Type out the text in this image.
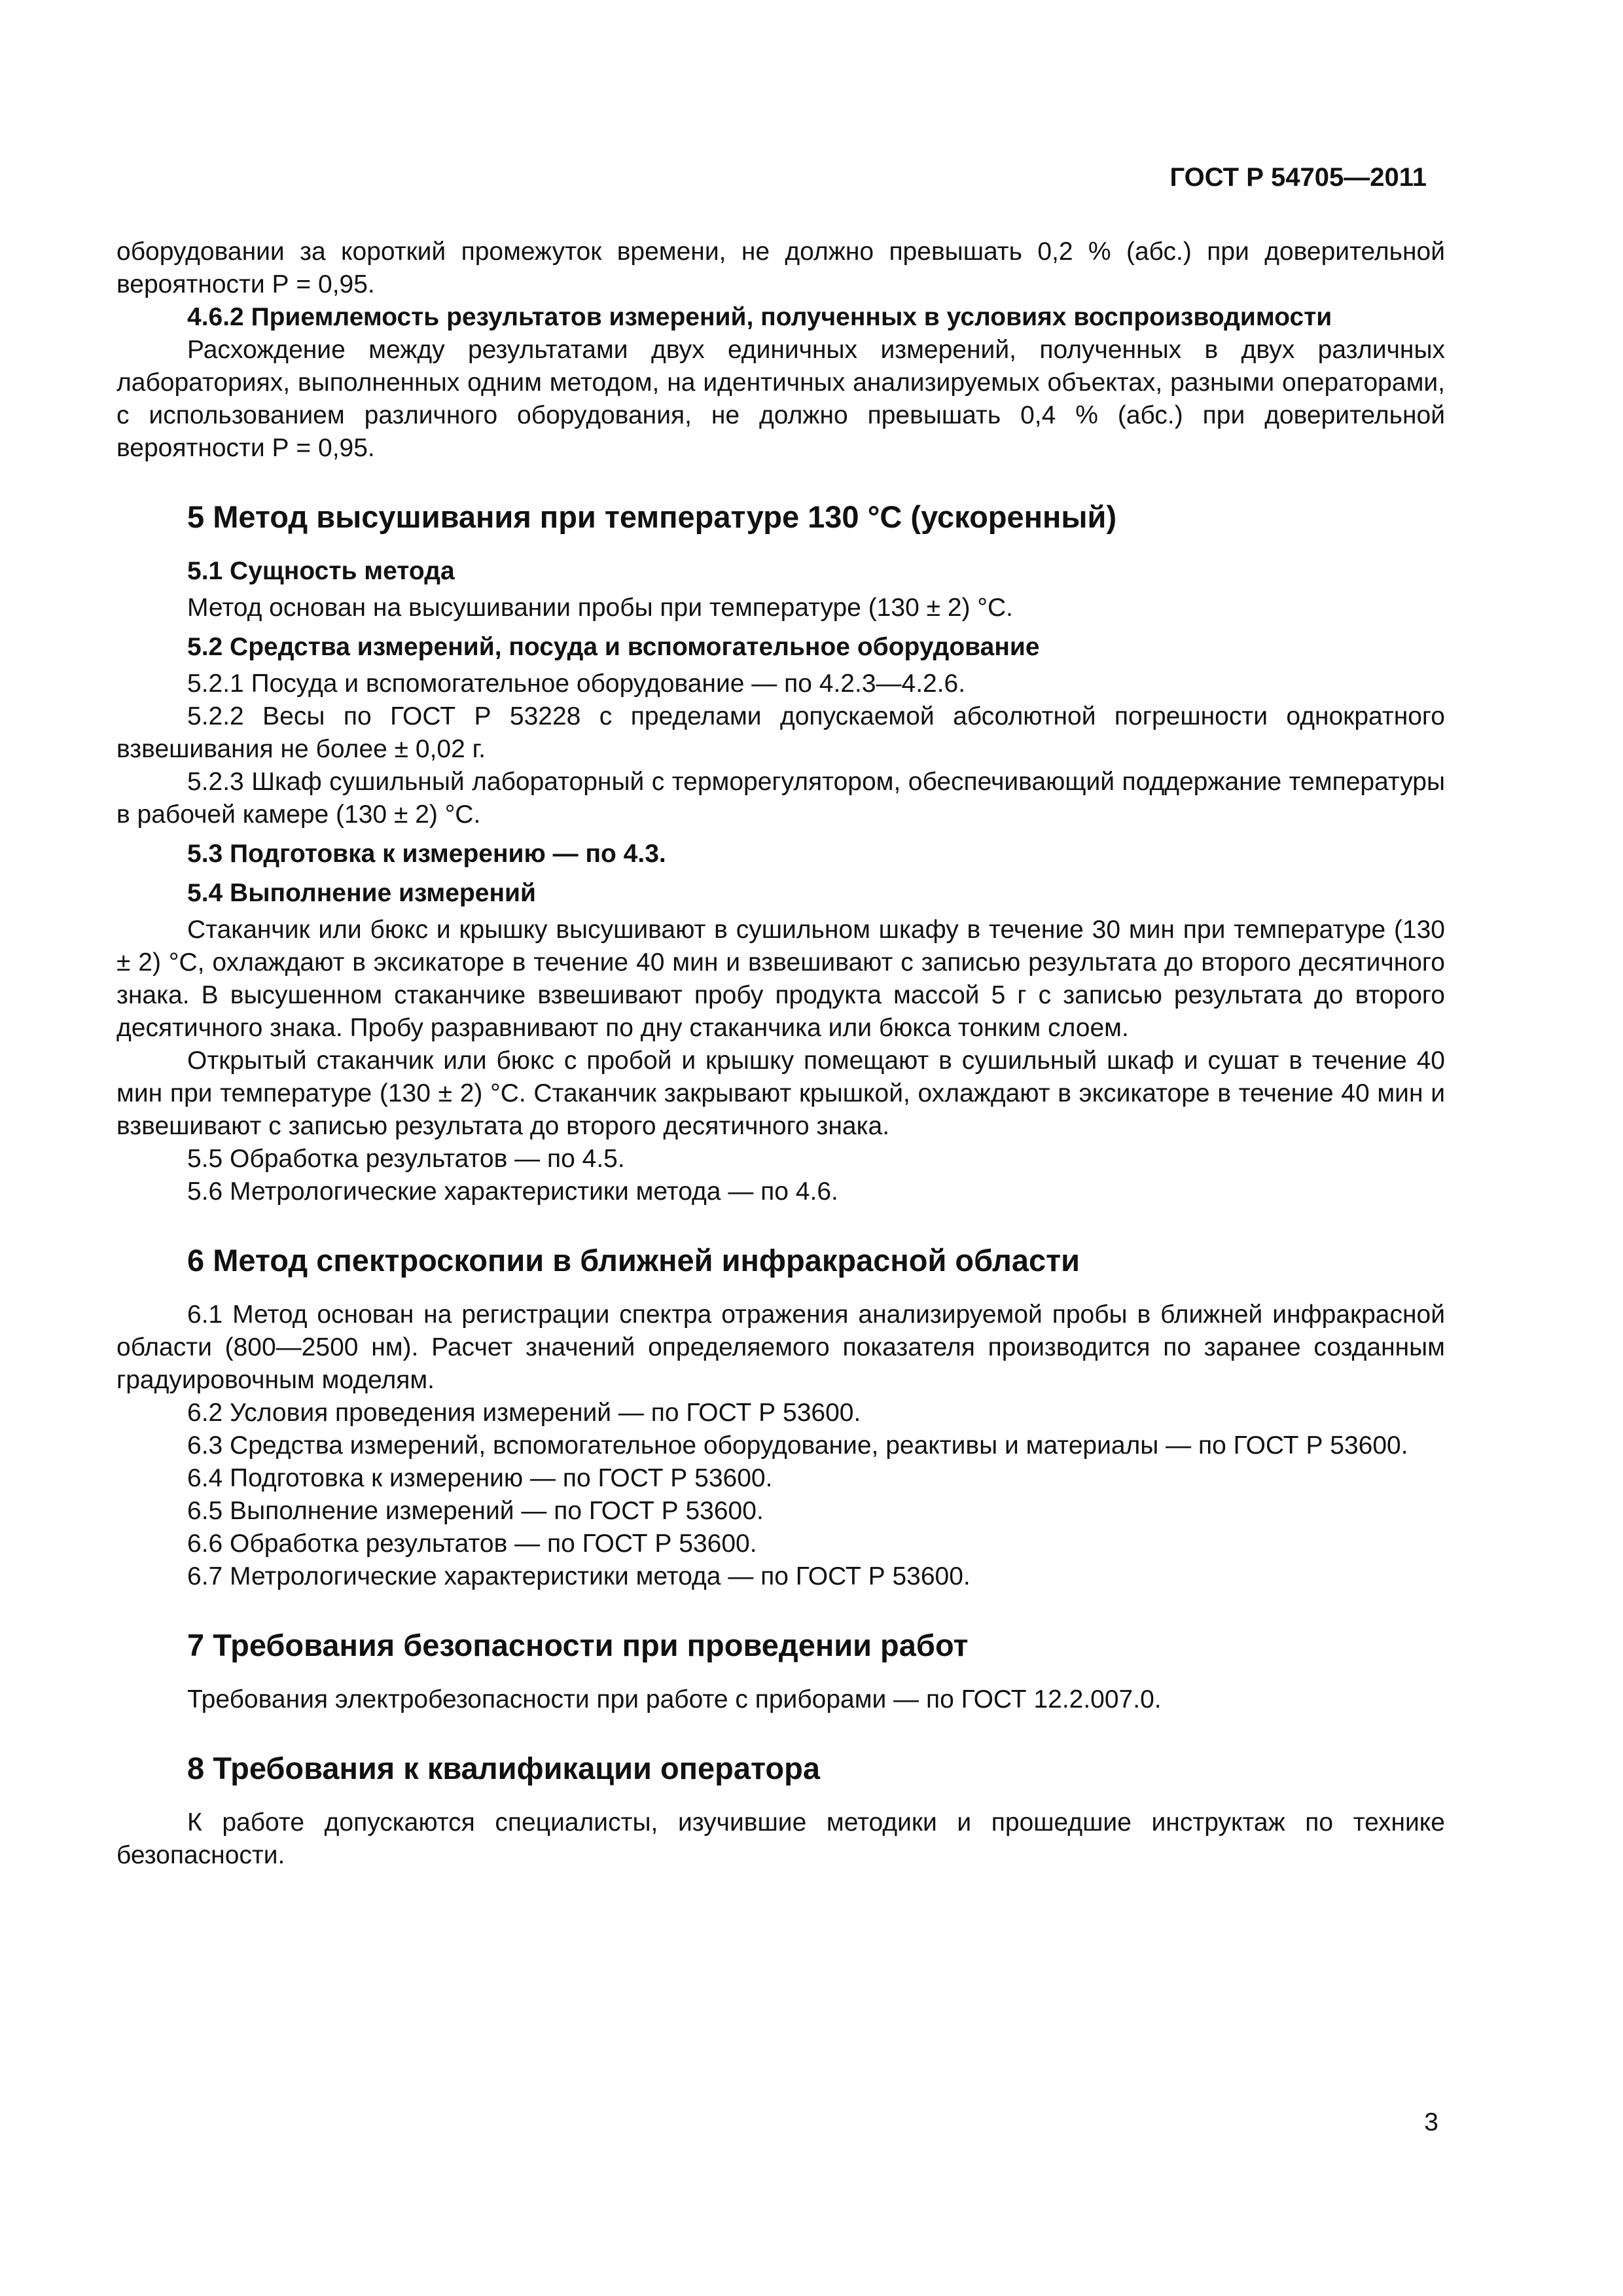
ГОСТ Р 54705—2011

оборудовании за короткий промежуток времени, не должно превышать 0,2 % (абс.) при доверительной вероятности Р = 0,95.

4.6.2 Приемлемость результатов измерений, полученных в условиях воспроизводимости

Расхождение между результатами двух единичных измерений, полученных в двух различных лабораториях, выполненных одним методом, на идентичных анализируемых объектах, разными операторами, с использованием различного оборудования, не должно превышать 0,4 % (абс.) при доверительной вероятности Р = 0,95.

5 Метод высушивания при температуре 130 °С (ускоренный)

5.1 Сущность метода

Метод основан на высушивании пробы при температуре (130 ± 2) °С.

5.2 Средства измерений, посуда и вспомогательное оборудование

5.2.1 Посуда и вспомогательное оборудование — по 4.2.3—4.2.6.

5.2.2 Весы по ГОСТ Р 53228 с пределами допускаемой абсолютной погрешности однократного взвешивания не более ± 0,02 г.

5.2.3 Шкаф сушильный лабораторный с терморегулятором, обеспечивающий поддержание температуры в рабочей камере (130 ± 2) °С.

5.3 Подготовка к измерению — по 4.3.

5.4 Выполнение измерений

Стаканчик или бюкс и крышку высушивают в сушильном шкафу в течение 30 мин при температуре (130 ± 2) °С, охлаждают в эксикаторе в течение 40 мин и взвешивают с записью результата до второго десятичного знака. В высушенном стаканчике взвешивают пробу продукта массой 5 г с записью результата до второго десятичного знака. Пробу разравнивают по дну стаканчика или бюкса тонким слоем.

Открытый стаканчик или бюкс с пробой и крышку помещают в сушильный шкаф и сушат в течение 40 мин при температуре (130 ± 2) °С. Стаканчик закрывают крышкой, охлаждают в эксикаторе в течение 40 мин и взвешивают с записью результата до второго десятичного знака.

5.5 Обработка результатов — по 4.5.

5.6 Метрологические характеристики метода — по 4.6.

6 Метод спектроскопии в ближней инфракрасной области

6.1 Метод основан на регистрации спектра отражения анализируемой пробы в ближней инфракрасной области (800—2500 нм). Расчет значений определяемого показателя производится по заранее созданным градуировочным моделям.

6.2 Условия проведения измерений — по ГОСТ Р 53600.

6.3 Средства измерений, вспомогательное оборудование, реактивы и материалы — по ГОСТ Р 53600.

6.4 Подготовка к измерению — по ГОСТ Р 53600.

6.5 Выполнение измерений — по ГОСТ Р 53600.

6.6 Обработка результатов — по ГОСТ Р 53600.

6.7 Метрологические характеристики метода — по ГОСТ Р 53600.

7 Требования безопасности при проведении работ

Требования электробезопасности при работе с приборами — по ГОСТ 12.2.007.0.

8 Требования к квалификации оператора

К работе допускаются специалисты, изучившие методики и прошедшие инструктаж по технике безопасности.

3
